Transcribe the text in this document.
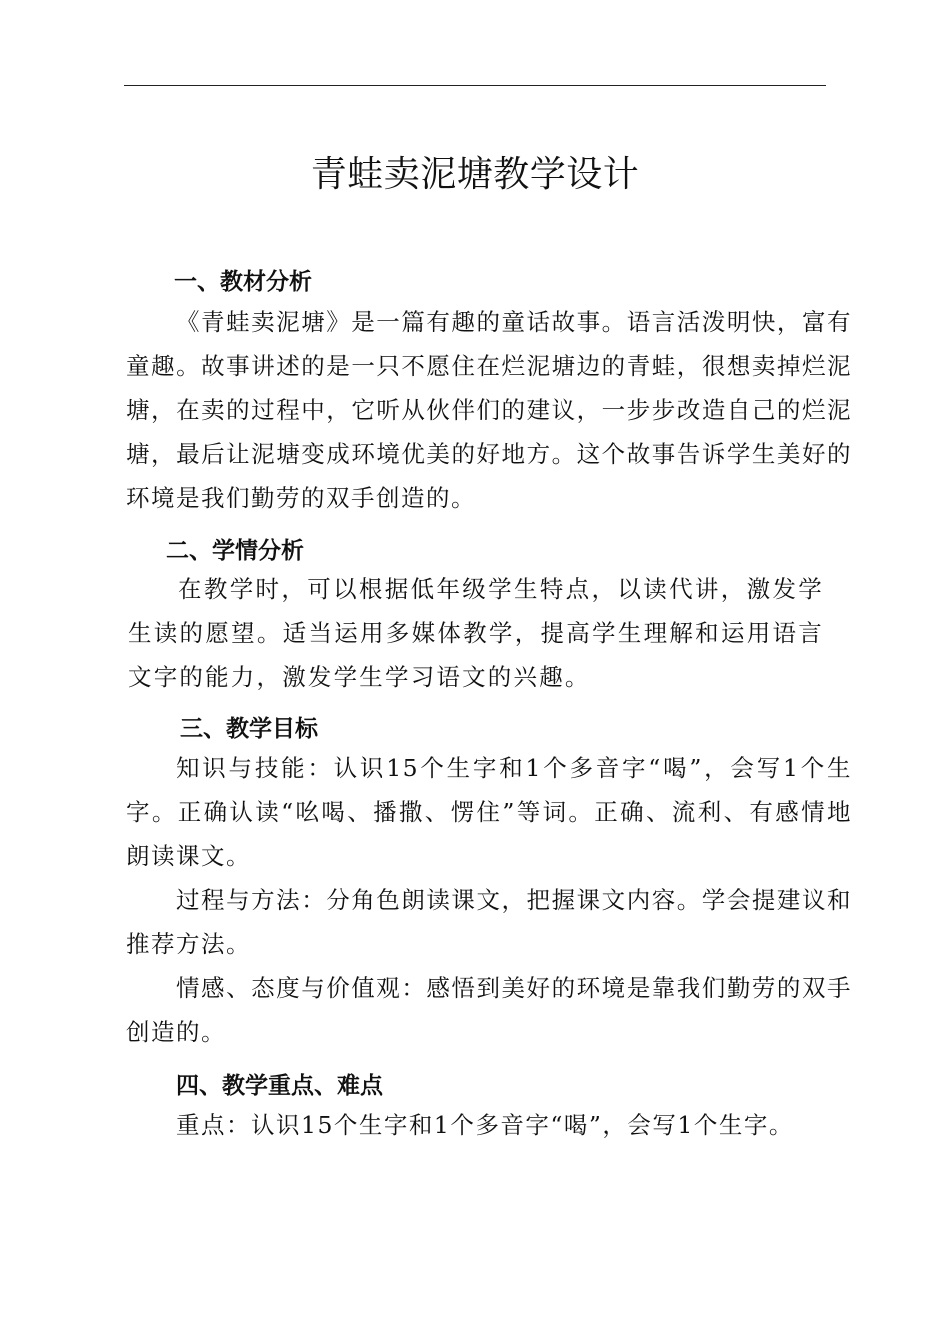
青蛙卖泥塘教学设计
一、教材分析
《青蛙卖泥塘》是一篇有趣的童话故事。语言活泼明快，富有童趣。故事讲述的是一只不愿住在烂泥塘边的青蛙，很想卖掉烂泥塘，在卖的过程中，它听从伙伴们的建议，一步步改造自己的烂泥塘，最后让泥塘变成环境优美的好地方。这个故事告诉学生美好的环境是我们勤劳的双手创造的。
二、学情分析
在教学时，可以根据低年级学生特点，以读代讲，激发学生读的愿望。适当运用多媒体教学，提高学生理解和运用语言文字的能力，激发学生学习语文的兴趣。
三、教学目标
知识与技能：认识15个生字和1个多音字“喝”，会写1个生字。正确认读“吆喝、播撒、愣住”等词。正确、流利、有感情地朗读课文。
过程与方法：分角色朗读课文，把握课文内容。学会提建议和推荐方法。
情感、态度与价值观：感悟到美好的环境是靠我们勤劳的双手创造的。
四、教学重点、难点
重点：认识15个生字和1个多音字“喝”，会写1个生字。
